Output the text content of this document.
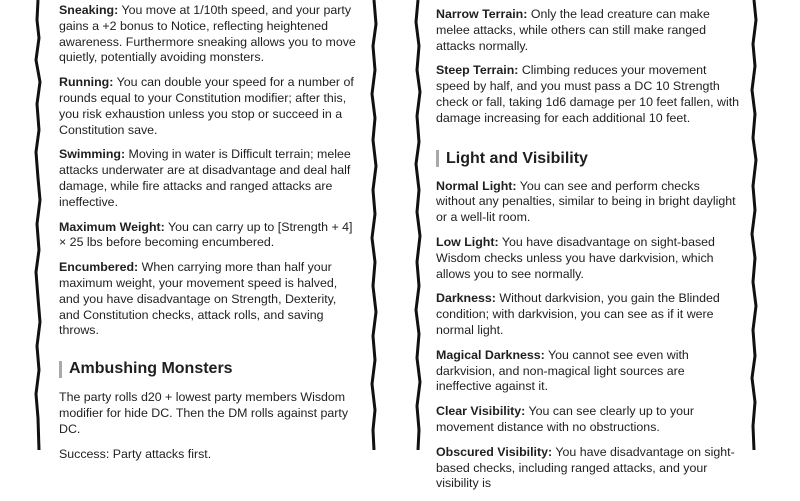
Sneaking: You move at 1/10th speed, and your party gains a +2 bonus to Notice, reflecting heightened awareness. Furthermore sneaking allows you to move quietly, potentially avoiding monsters.

Running: You can double your speed for a number of rounds equal to your Constitution modifier; after this, you risk exhaustion unless you stop or succeed in a Constitution save.

Swimming: Moving in water is Difficult terrain; melee attacks underwater are at disadvantage and deal half damage, while fire attacks and ranged attacks are ineffective.

Maximum Weight: You can carry up to [Strength + 4] × 25 lbs before becoming encumbered.

Encumbered: When carrying more than half your maximum weight, your movement speed is halved, and you have disadvantage on Strength, Dexterity, and Constitution checks, attack rolls, and saving throws.

Ambushing Monsters

The party rolls d20 + lowest party members Wisdom modifier for hide DC. Then the DM rolls against party DC.

Success: Party attacks first.

Narrow Terrain: Only the lead creature can make melee attacks, while others can still make ranged attacks normally.

Steep Terrain: Climbing reduces your movement speed by half, and you must pass a DC 10 Strength check or fall, taking 1d6 damage per 10 feet fallen, with damage increasing for each additional 10 feet.

Light and Visibility

Normal Light: You can see and perform checks without any penalties, similar to being in bright daylight or a well-lit room.

Low Light: You have disadvantage on sight-based Wisdom checks unless you have darkvision, which allows you to see normally.

Darkness: Without darkvision, you gain the Blinded condition; with darkvision, you can see as if it were normal light.

Magical Darkness: You cannot see even with darkvision, and non-magical light sources are ineffective against it.

Clear Visibility: You can see clearly up to your movement distance with no obstructions.

Obscured Visibility: You have disadvantage on sight-based checks, including ranged attacks, and your visibility is
